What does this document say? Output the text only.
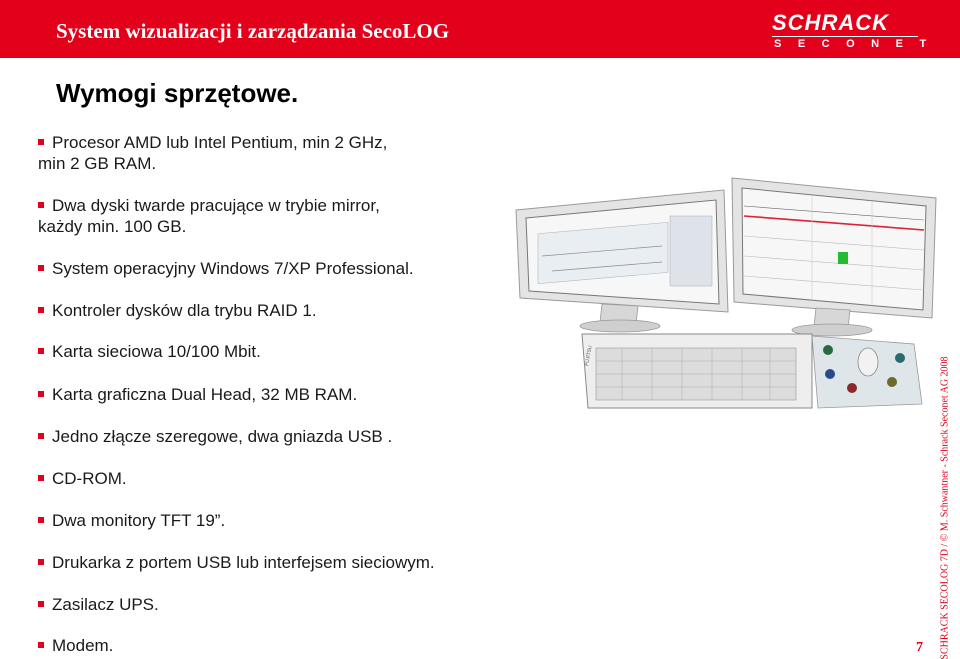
System wizualizacji i zarządzania SecoLOG	SCHRACK
SECONET
Wymogi sprzętowe.
Procesor AMD lub Intel Pentium, min 2 GHz,
min 2 GB RAM.
Dwa dyski twarde pracujące w trybie mirror,
każdy min. 100 GB.
System operacyjny Windows 7/XP Professional.
Kontroler dysków dla trybu RAID 1.
Karta sieciowa 10/100 Mbit.
Karta graficzna Dual Head, 32 MB RAM.
Jedno złącze szeregowe, dwa gniazda USB .
CD-ROM.
Dwa monitory TFT 19”.
Drukarka z portem USB lub interfejsem sieciowym.
Zasilacz UPS.
Modem.
FUJITSU
SCHRACK SECOLOG 7D / © M. Schwantner - Schrack Seconet AG 2008
7
